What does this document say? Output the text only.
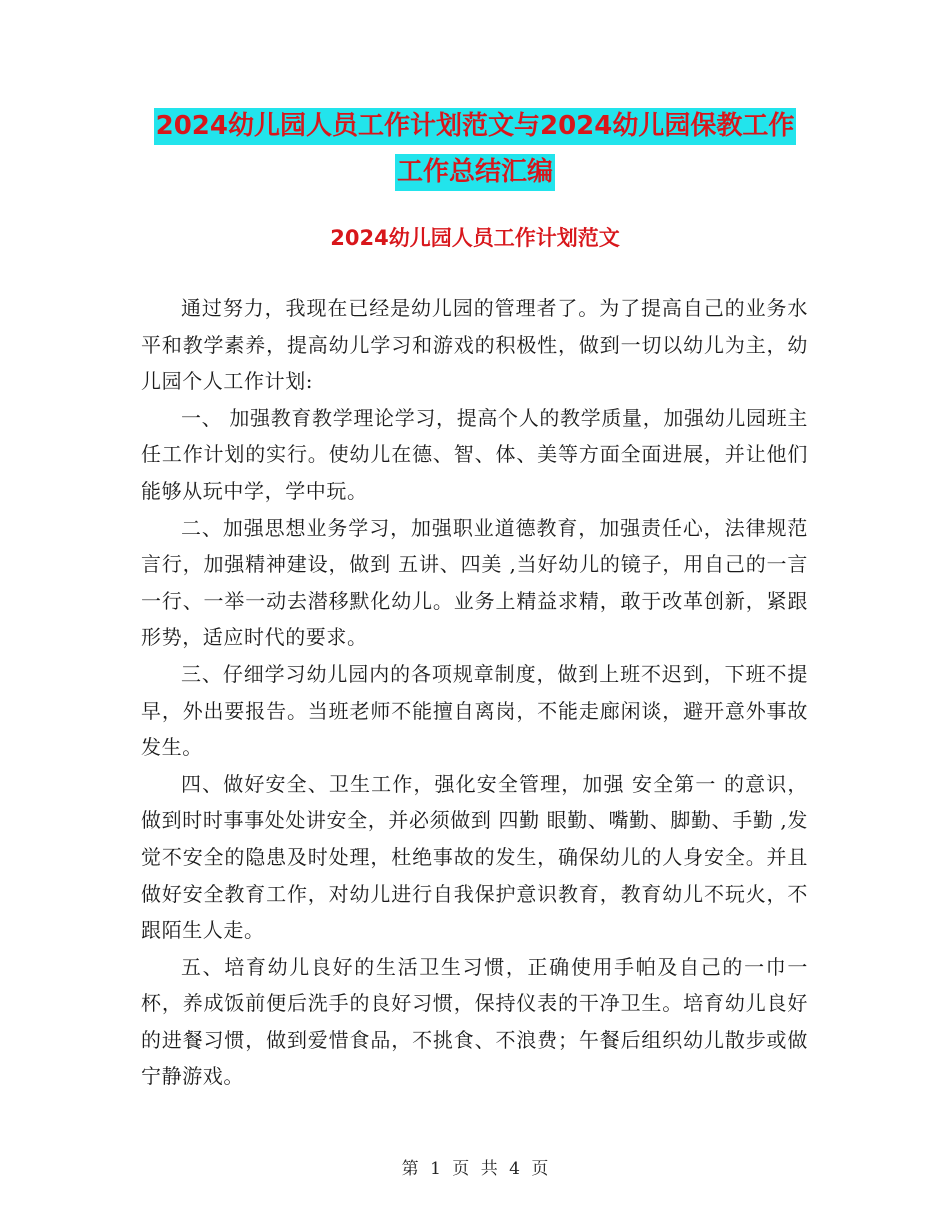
2024幼儿园人员工作计划范文与2024幼儿园保教工作
工作总结汇编
2024幼儿园人员工作计划范文

通过努力，我现在已经是幼儿园的管理者了。为了提高自己的业务水平和教学素养，提高幼儿学习和游戏的积极性，做到一切以幼儿为主，幼儿园个人工作计划:

一、 加强教育教学理论学习，提高个人的教学质量，加强幼儿园班主任工作计划的实行。使幼儿在德、智、体、美等方面全面进展，并让他们能够从玩中学，学中玩。

二、加强思想业务学习，加强职业道德教育，加强责任心，法律规范言行，加强精神建设，做到 五讲、四美 ,当好幼儿的镜子，用自己的一言一行、一举一动去潜移默化幼儿。业务上精益求精，敢于改革创新，紧跟形势，适应时代的要求。

三、仔细学习幼儿园内的各项规章制度，做到上班不迟到，下班不提早，外出要报告。当班老师不能擅自离岗，不能走廊闲谈，避开意外事故发生。

四、做好安全、卫生工作，强化安全管理，加强 安全第一 的意识，做到时时事事处处讲安全，并必须做到 四勤 眼勤、嘴勤、脚勤、手勤 ,发觉不安全的隐患及时处理，杜绝事故的发生，确保幼儿的人身安全。并且做好安全教育工作，对幼儿进行自我保护意识教育，教育幼儿不玩火，不跟陌生人走。

五、培育幼儿良好的生活卫生习惯，正确使用手帕及自己的一巾一杯，养成饭前便后洗手的良好习惯，保持仪表的干净卫生。培育幼儿良好的进餐习惯，做到爱惜食品，不挑食、不浪费；午餐后组织幼儿散步或做宁静游戏。

第 1 页 共 4 页
